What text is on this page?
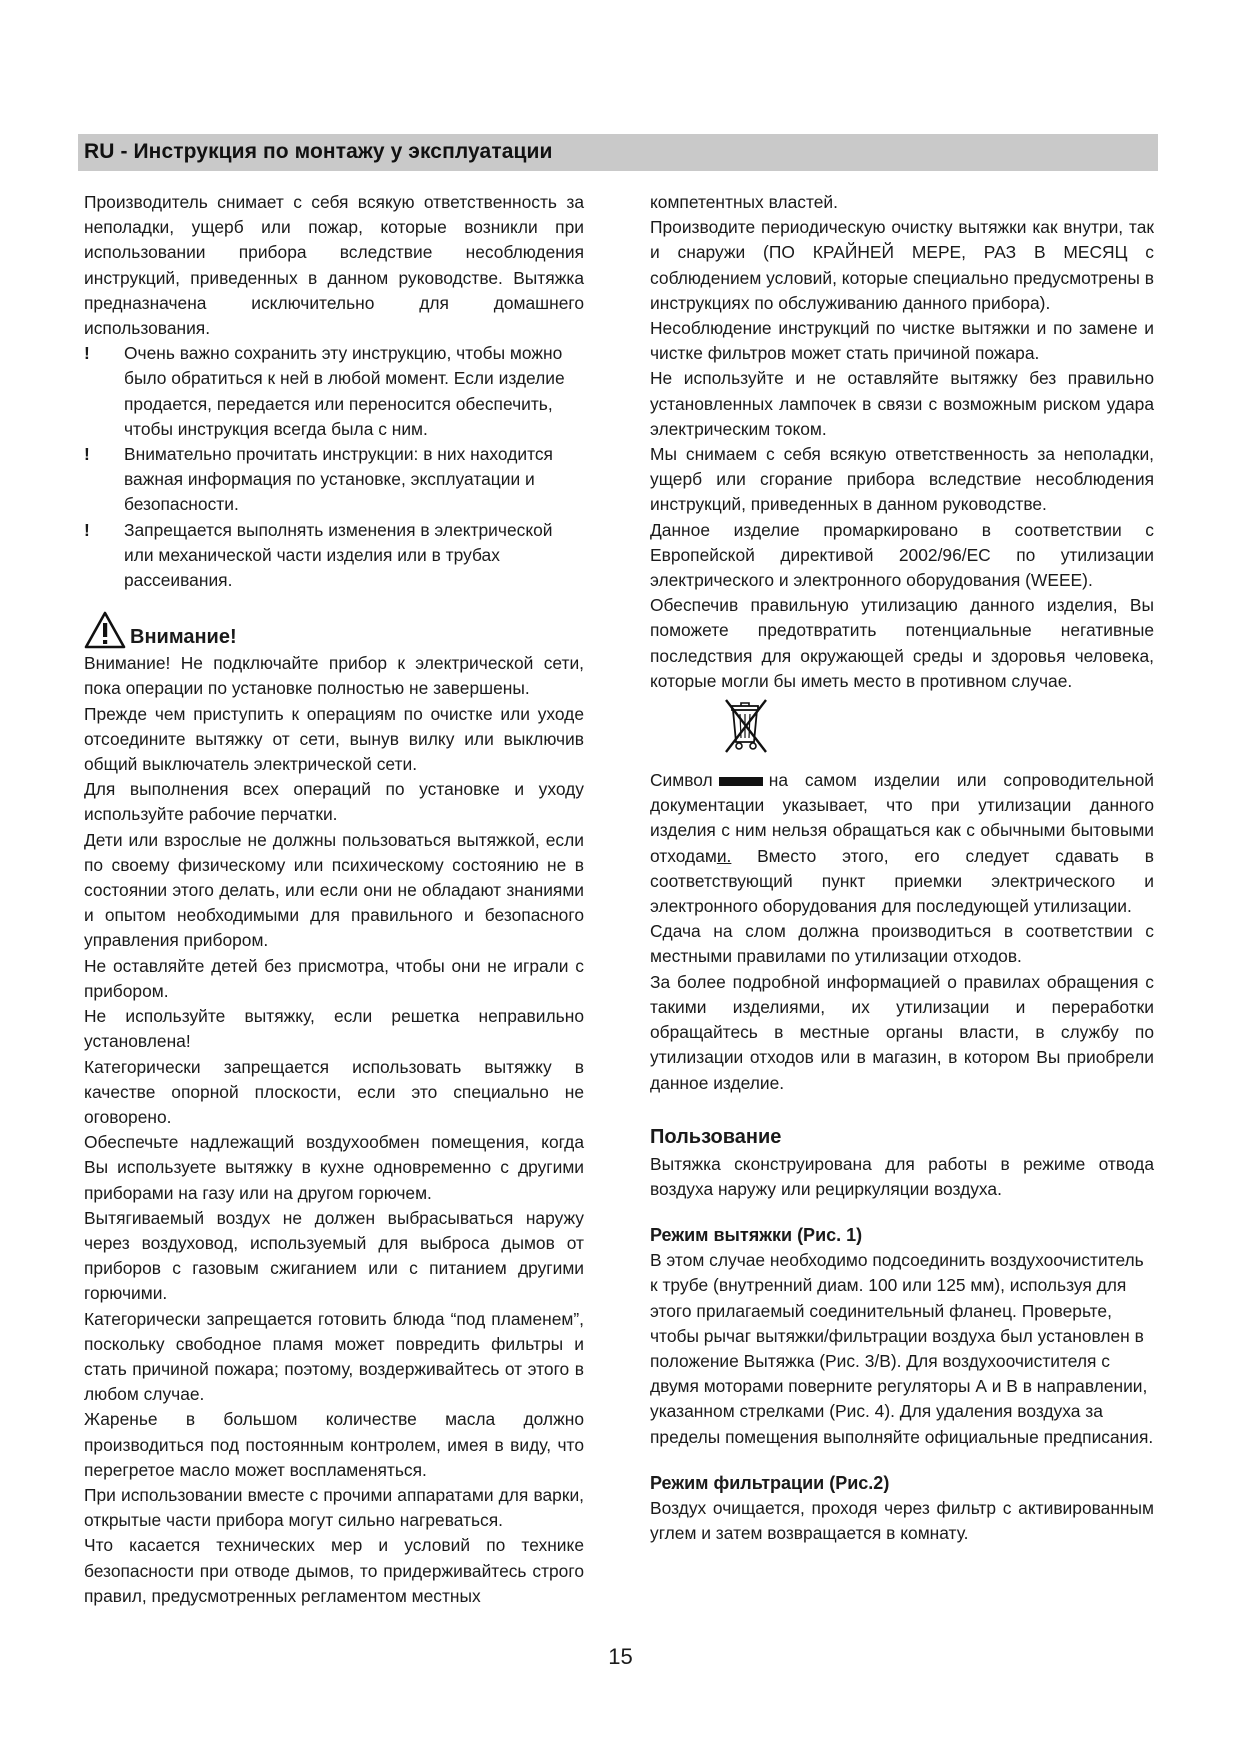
RU - Инструкция по монтажу у эксплуатации

Производитель снимает с себя всякую ответственность за неполадки, ущерб или пожар, которые возникли при использовании прибора вследствие несоблюдения инструкций, приведенных в данном руководстве. Вытяжка предназначена исключительно для домашнего использования.

!	Очень важно сохранить эту инструкцию, чтобы можно было обратиться к ней в любой момент. Если изделие продается, передается или переносится обеспечить, чтобы инструкция всегда была с ним.

!	Внимательно прочитать инструкции: в них находится важная информация по установке, эксплуатации и безопасности.

!	Запрещается выполнять изменения в электрической или механической части изделия или в трубах рассеивания.

Внимание!

Внимание! Не подключайте прибор к электрической сети, пока операции по установке полностью не завершены.

Прежде чем приступить к операциям по очистке или уходе отсоедините вытяжку от сети, вынув вилку или выключив общий выключатель электрической сети.

Для выполнения всех операций по установке и уходу используйте рабочие перчатки.

Дети или взрослые не должны пользоваться вытяжкой, если по своему физическому или психическому состоянию не в состоянии этого делать, или если они не обладают знаниями и опытом необходимыми для правильного и безопасного управления прибором.

Не оставляйте детей без присмотра, чтобы они не играли с прибором.

Не используйте вытяжку, если решетка неправильно установлена!

Категорически запрещается использовать вытяжку в качестве опорной плоскости, если это специально не оговорено.

Обеспечьте надлежащий воздухообмен помещения, когда Вы используете вытяжку в кухне одновременно с другими приборами на газу или на другом горючем.

Вытягиваемый воздух не должен выбрасываться наружу через воздуховод, используемый для выброса дымов от приборов с газовым сжиганием или с питанием другими горючими.

Категорически запрещается готовить блюда “под пламенем”, поскольку свободное пламя может повредить фильтры и стать причиной пожара; поэтому, воздерживайтесь от этого в любом случае.

Жаренье в большом количестве масла должно производиться под постоянным контролем, имея в виду, что перегретое масло может воспламеняться.

При использовании вместе с прочими аппаратами для варки, открытые части прибора могут сильно нагреваться.

Что касается технических мер и условий по технике безопасности при отводе дымов, то придерживайтесь строго правил, предусмотренных регламентом местных

компетентных властей.

Производите периодическую очистку вытяжки как внутри, так и снаружи (ПО КРАЙНЕЙ МЕРЕ, РАЗ В МЕСЯЦ с соблюдением условий, которые специально предусмотрены в инструкциях по обслуживанию данного прибора).

Несоблюдение инструкций по чистке вытяжки и по замене и чистке фильтров может стать причиной пожара.

Не используйте и не оставляйте вытяжку без правильно установленных лампочек в связи с возможным риском удара электрическим током.

Мы снимаем с себя всякую ответственность за неполадки, ущерб или сгорание прибора вследствие несоблюдения инструкций, приведенных в данном руководстве.

Данное изделие промаркировано в соответствии с Европейской директивой 2002/96/ЕС по утилизации электрического и электронного оборудования (WEEE).

Обеспечив правильную утилизацию данного изделия, Вы поможете предотвратить потенциальные негативные последствия для окружающей среды и здоровья человека, которые могли бы иметь место в противном случае.

Символ	на самом изделии или сопроводительной документации указывает, что при утилизации данного изделия с ним нельзя обращаться как с обычными бытовыми отходами. Вместо этого, его следует сдавать в соответствующий пункт приемки электрического и электронного оборудования для последующей утилизации.

Сдача на слом должна производиться в соответствии с местными правилами по утилизации отходов.

За более подробной информацией о правилах обращения с такими изделиями, их утилизации и переработки обращайтесь в местные органы власти, в службу по утилизации отходов или в магазин, в котором Вы приобрели данное изделие.

Пользование

Вытяжка сконструирована для работы в режиме отвода воздуха наружу или рециркуляции воздуха.

Режим вытяжки (Рис. 1)

В этом случае необходимо подсоединить воздухоочиститель к трубе (внутренний диам. 100 или 125 мм), используя для этого прилагаемый соединительный фланец. Проверьте, чтобы рычаг вытяжки/фильтрации воздуха был установлен в положение Вытяжка (Рис. 3/B). Для воздухоочистителя с двумя моторами поверните регуляторы А и В в направлении, указанном стрелками (Рис. 4). Для удаления воздуха за пределы помещения выполняйте официальные предписания.

Режим фильтрации (Рис.2)

Воздух очищается, проходя через фильтр с активированным углем и затем возвращается в комнату.

15
